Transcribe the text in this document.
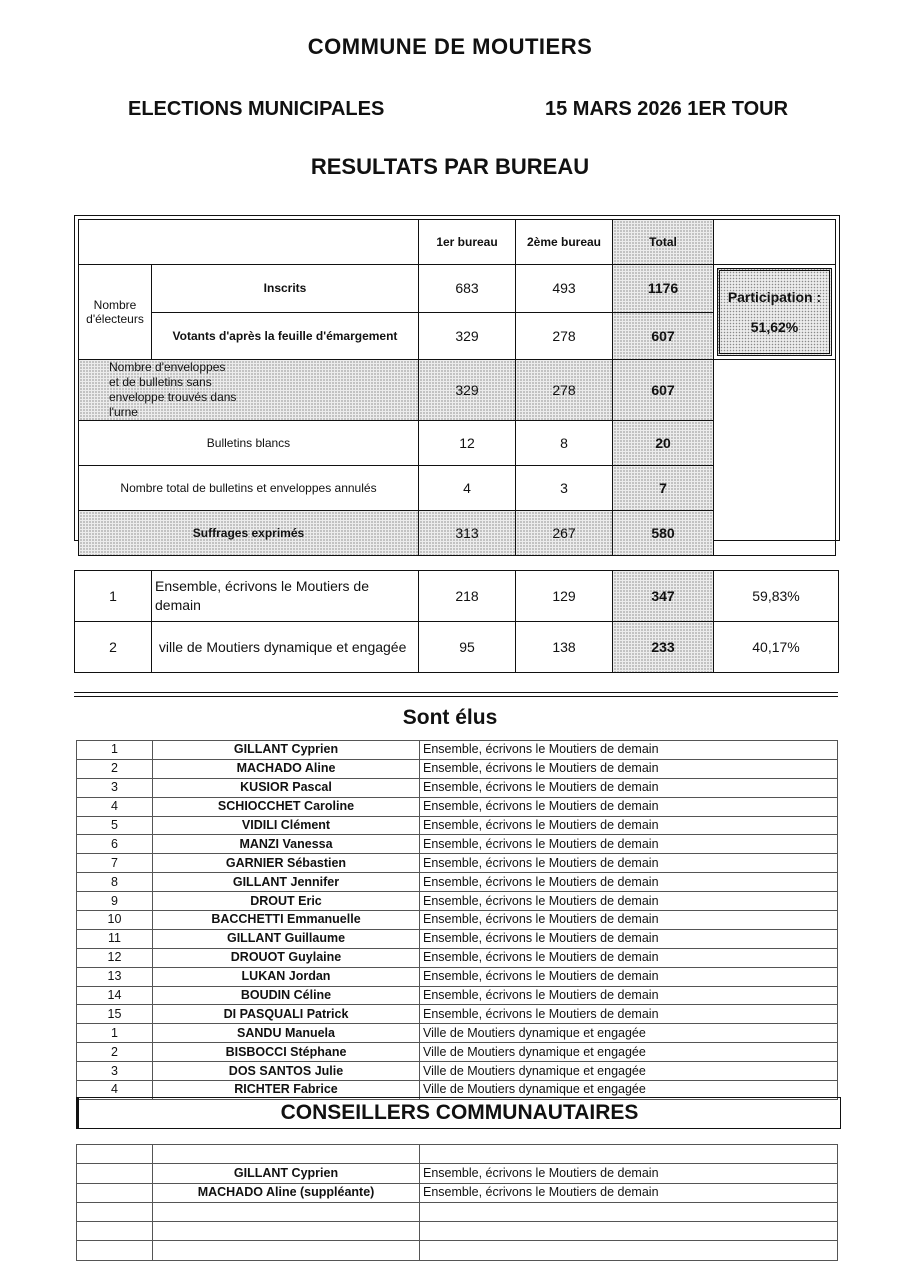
COMMUNE DE MOUTIERS
ELECTIONS MUNICIPALES	15 MARS 2026 1ER TOUR
RESULTATS PAR BUREAU
		1er bureau	2ème bureau	Total	
Nombre d'électeurs	Inscrits	683	493	1176	Participation :
51,62%

	Votants d'après la feuille d'émargement	329	278	607	
Nombre d'enveloppes et de bulletins sans enveloppe trouvés dans l'urne		329	278	607	
Bulletins blancs		12	8	20	
Nombre total de bulletins et enveloppes annulés		4	3	7	
Suffrages exprimés		313	267	580	
1	Ensemble, écrivons le Moutiers de demain	218	129	347	59,83%
2	ville de Moutiers dynamique et engagée	95	138	233	40,17%
Sont élus
1	GILLANT Cyprien	Ensemble, écrivons le Moutiers de demain
2	MACHADO Aline	Ensemble, écrivons le Moutiers de demain
3	KUSIOR Pascal	Ensemble, écrivons le Moutiers de demain
4	SCHIOCCHET Caroline	Ensemble, écrivons le Moutiers de demain
5	VIDILI Clément	Ensemble, écrivons le Moutiers de demain
6	MANZI Vanessa	Ensemble, écrivons le Moutiers de demain
7	GARNIER Sébastien	Ensemble, écrivons le Moutiers de demain
8	GILLANT Jennifer	Ensemble, écrivons le Moutiers de demain
9	DROUT Eric	Ensemble, écrivons le Moutiers de demain
10	BACCHETTI Emmanuelle	Ensemble, écrivons le Moutiers de demain
11	GILLANT Guillaume	Ensemble, écrivons le Moutiers de demain
12	DROUOT Guylaine	Ensemble, écrivons le Moutiers de demain
13	LUKAN Jordan	Ensemble, écrivons le Moutiers de demain
14	BOUDIN Céline	Ensemble, écrivons le Moutiers de demain
15	DI PASQUALI Patrick	Ensemble, écrivons le Moutiers de demain
1	SANDU Manuela	Ville de Moutiers dynamique et engagée
2	BISBOCCI Stéphane	Ville de Moutiers dynamique et engagée
3	DOS SANTOS Julie	Ville de Moutiers dynamique et engagée
4	RICHTER Fabrice	Ville de Moutiers dynamique et engagée
CONSEILLERS COMMUNAUTAIRES

	GILLANT Cyprien	Ensemble, écrivons le Moutiers de demain
	MACHADO Aline (suppléante)	Ensemble, écrivons le Moutiers de demain
